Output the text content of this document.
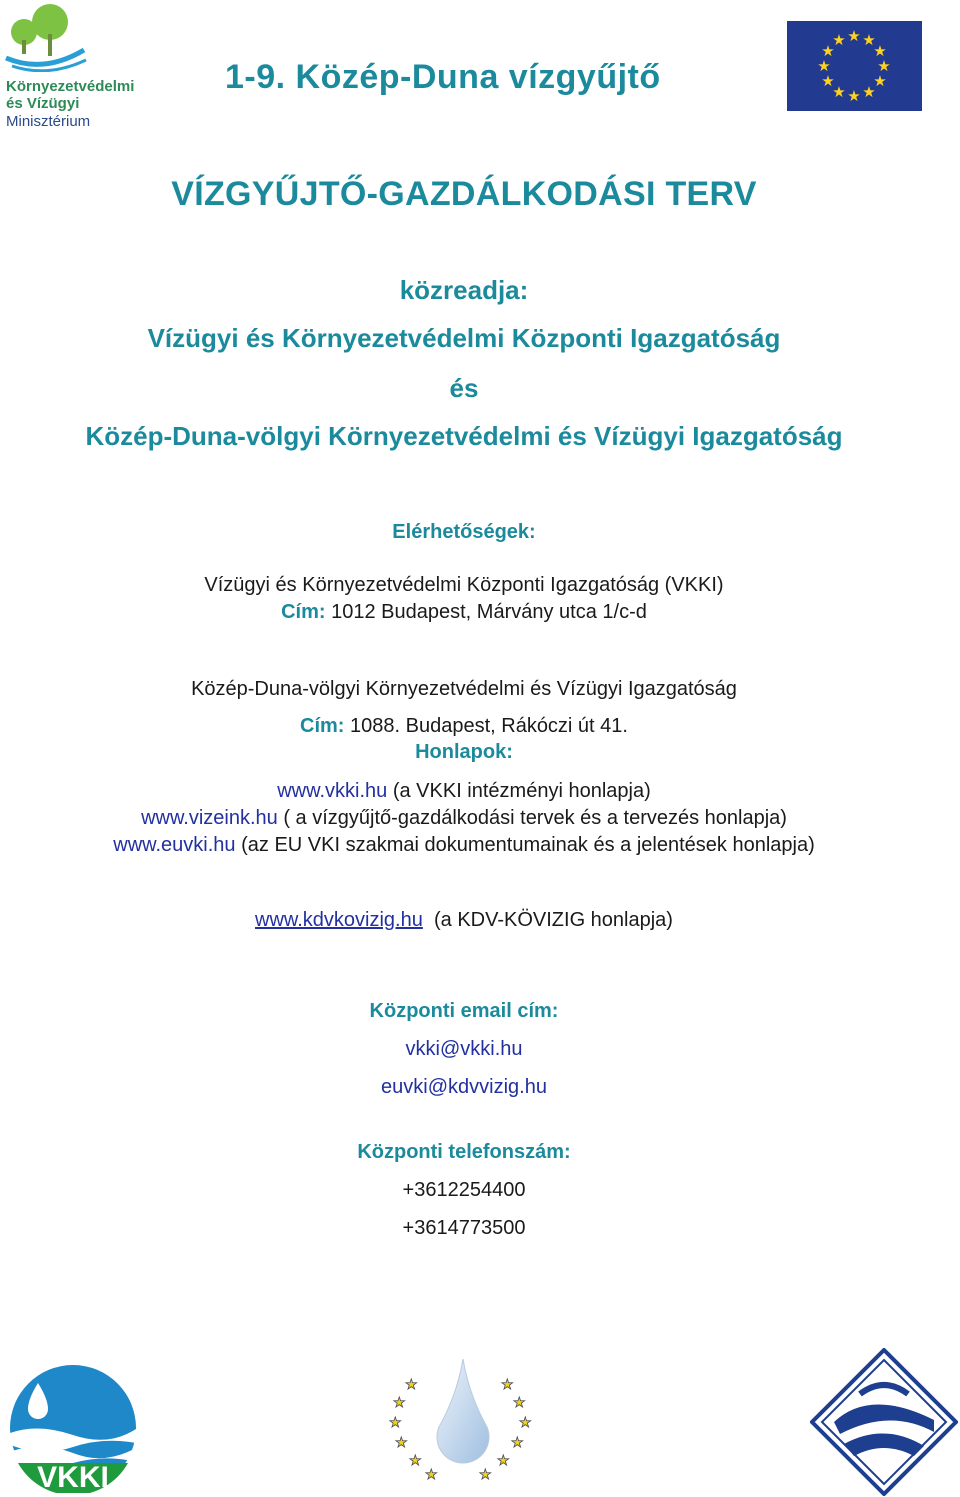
Környezetvédelmi
és Vízügyi
Minisztérium
1-9. Közép-Duna vízgyűjtő
★ ★
★
★
★
★
★
★
★
★
★
★
VÍZGYŰJTŐ-GAZDÁLKODÁSI TERV
közreadja:
Vízügyi és Környezetvédelmi Központi Igazgatóság
és
Közép-Duna-völgyi Környezetvédelmi és Vízügyi Igazgatóság
Elérhetőségek:
Vízügyi és Környezetvédelmi Központi Igazgatóság (VKKI)
Cím: 1012 Budapest, Márvány utca 1/c-d
Közép-Duna-völgyi Környezetvédelmi és Vízügyi Igazgatóság
Cím: 1088. Budapest, Rákóczi út 41.
Honlapok:
www.vkki.hu (a VKKI intézményi honlapja)
www.vizeink.hu ( a vízgyűjtő-gazdálkodási tervek és a tervezés honlapja)
www.euvki.hu (az EU VKI szakmai dokumentumainak és a jelentések honlapja)
www.kdvkovizig.hu (a KDV-KÖVIZIG honlapja)
Központi email cím:
vkki@vkki.hu
euvki@kdvvizig.hu
Központi telefonszám:
+3612254400
+3614773500
VKKI
★
★
★
★
★
★
★
★
★
★
★
★
